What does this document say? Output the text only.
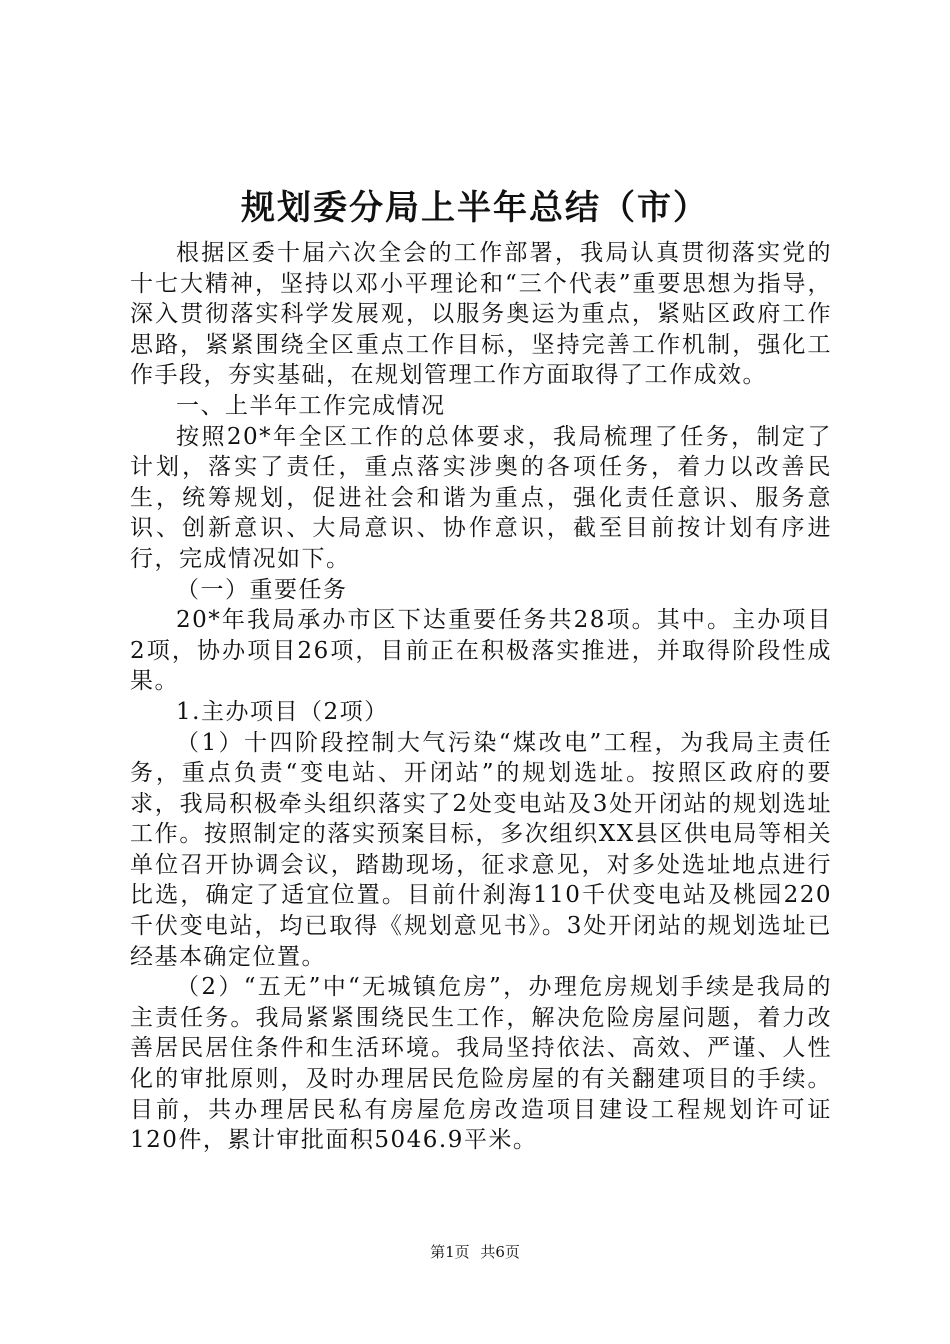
规划委分局上半年总结（市）

根据区委十届六次全会的工作部署，我局认真贯彻落实党的十七大精神，坚持以邓小平理论和“三个代表”重要思想为指导，深入贯彻落实科学发展观，以服务奥运为重点，紧贴区政府工作思路，紧紧围绕全区重点工作目标，坚持完善工作机制，强化工作手段，夯实基础，在规划管理工作方面取得了工作成效。

一、上半年工作完成情况

按照20*年全区工作的总体要求，我局梳理了任务，制定了计划，落实了责任，重点落实涉奥的各项任务，着力以改善民生，统筹规划，促进社会和谐为重点，强化责任意识、服务意识、创新意识、大局意识、协作意识，截至目前按计划有序进行，完成情况如下。

（一）重要任务

20*年我局承办市区下达重要任务共28项。其中。主办项目2项，协办项目26项，目前正在积极落实推进，并取得阶段性成果。

1.主办项目（2项）

（1）十四阶段控制大气污染“煤改电”工程，为我局主责任务，重点负责“变电站、开闭站”的规划选址。按照区政府的要求，我局积极牵头组织落实了2处变电站及3处开闭站的规划选址工作。按照制定的落实预案目标，多次组织XX县区供电局等相关单位召开协调会议，踏勘现场，征求意见，对多处选址地点进行比选，确定了适宜位置。目前什刹海110千伏变电站及桃园220千伏变电站，均已取得《规划意见书》。3处开闭站的规划选址已经基本确定位置。

（2）“五无”中“无城镇危房”，办理危房规划手续是我局的主责任务。我局紧紧围绕民生工作，解决危险房屋问题，着力改善居民居住条件和生活环境。我局坚持依法、高效、严谨、人性化的审批原则，及时办理居民危险房屋的有关翻建项目的手续。目前，共办理居民私有房屋危房改造项目建设工程规划许可证120件，累计审批面积5046.9平米。

第1页 共6页
